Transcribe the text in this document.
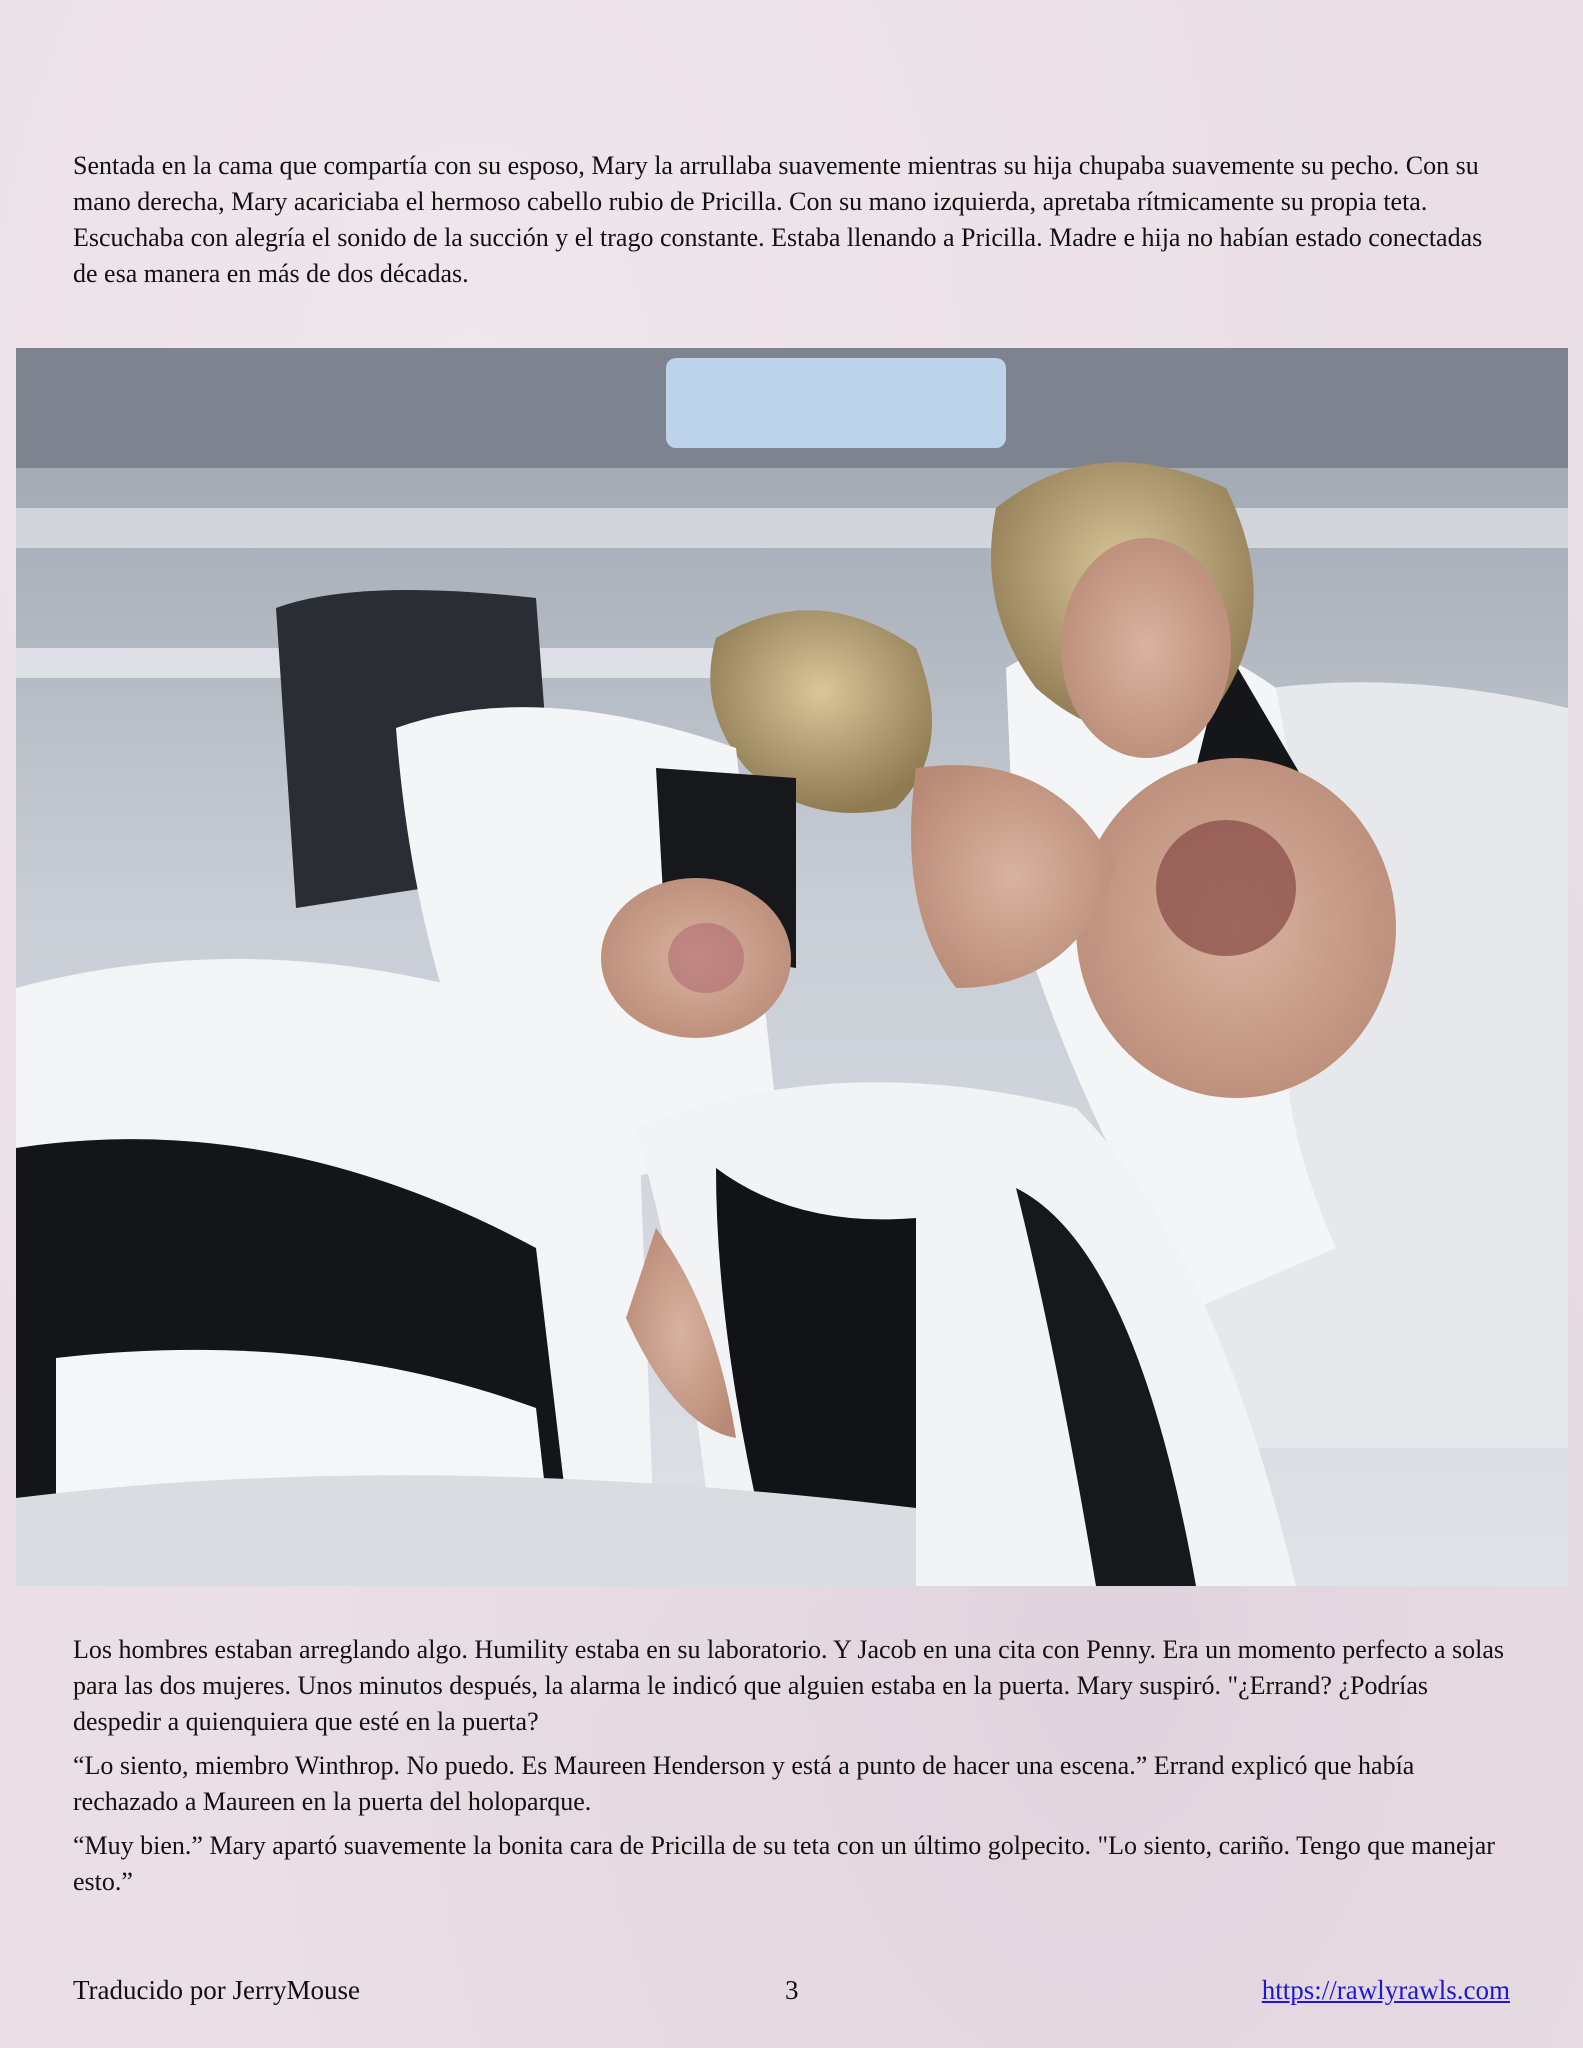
Sentada en la cama que compartía con su esposo, Mary la arrullaba suavemente mientras su hija chupaba suavemente su pecho. Con su mano derecha, Mary acariciaba el hermoso cabello rubio de Pricilla. Con su mano izquierda, apretaba rítmicamente su propia teta. Escuchaba con alegría el sonido de la succión y el trago constante. Estaba llenando a Pricilla. Madre e hija no habían estado conectadas de esa manera en más de dos décadas.

Los hombres estaban arreglando algo. Humility estaba en su laboratorio. Y Jacob en una cita con Penny. Era un momento perfecto a solas para las dos mujeres. Unos minutos después, la alarma le indicó que alguien estaba en la puerta. Mary suspiró. "¿Errand? ¿Podrías despedir a quienquiera que esté en la puerta?

“Lo siento, miembro Winthrop. No puedo. Es Maureen Henderson y está a punto de hacer una escena.” Errand explicó que había rechazado a Maureen en la puerta del holoparque.

“Muy bien.” Mary apartó suavemente la bonita cara de Pricilla de su teta con un último golpecito. "Lo siento, cariño. Tengo que manejar esto.”

Traducido por JerryMouse	3	https://rawlyrawls.com
